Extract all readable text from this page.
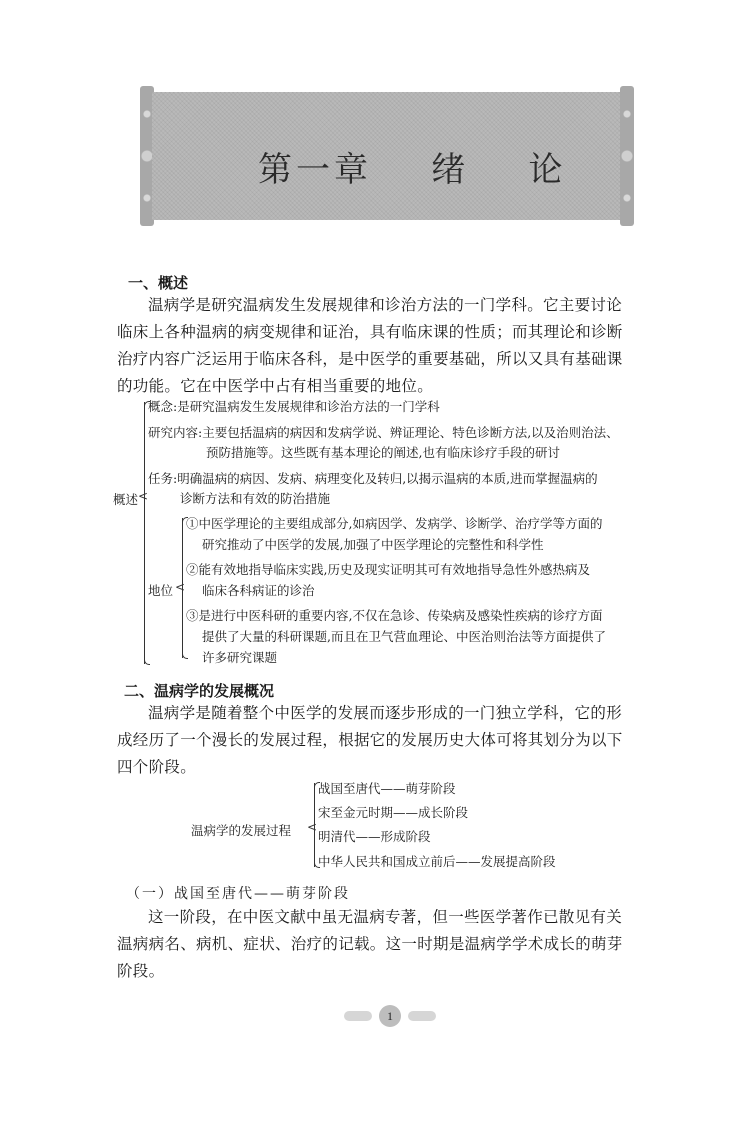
第一章    绪    论
一、概述
温病学是研究温病发生发展规律和诊治方法的一门学科。它主要讨论临床上各种温病的病变规律和证治，具有临床课的性质；而其理论和诊断治疗内容广泛运用于临床各科，是中医学的重要基础，所以又具有基础课的功能。它在中医学中占有相当重要的地位。
概述 <
概念:是研究温病发生发展规律和诊治方法的一门学科
研究内容:主要包括温病的病因和发病学说、辨证理论、特色诊断方法,以及治则治法、
预防措施等。这些既有基本理论的阐述,也有临床诊疗手段的研讨
任务:明确温病的病因、发病、病理变化及转归,以揭示温病的本质,进而掌握温病的
诊断方法和有效的防治措施
地位 <
①中医学理论的主要组成部分,如病因学、发病学、诊断学、治疗学等方面的
研究推动了中医学的发展,加强了中医学理论的完整性和科学性
②能有效地指导临床实践,历史及现实证明其可有效地指导急性外感热病及
临床各科病证的诊治
③是进行中医科研的重要内容,不仅在急诊、传染病及感染性疾病的诊疗方面
提供了大量的科研课题,而且在卫气营血理论、中医治则治法等方面提供了
许多研究课题
二、温病学的发展概况
温病学是随着整个中医学的发展而逐步形成的一门独立学科，它的形成经历了一个漫长的发展过程，根据它的发展历史大体可将其划分为以下四个阶段。
温病学的发展过程 <
战国至唐代——萌芽阶段
宋至金元时期——成长阶段
明清代——形成阶段
中华人民共和国成立前后——发展提高阶段
（一）战国至唐代——萌芽阶段
这一阶段，在中医文献中虽无温病专著，但一些医学著作已散见有关温病病名、病机、症状、治疗的记载。这一时期是温病学学术成长的萌芽阶段。
1
